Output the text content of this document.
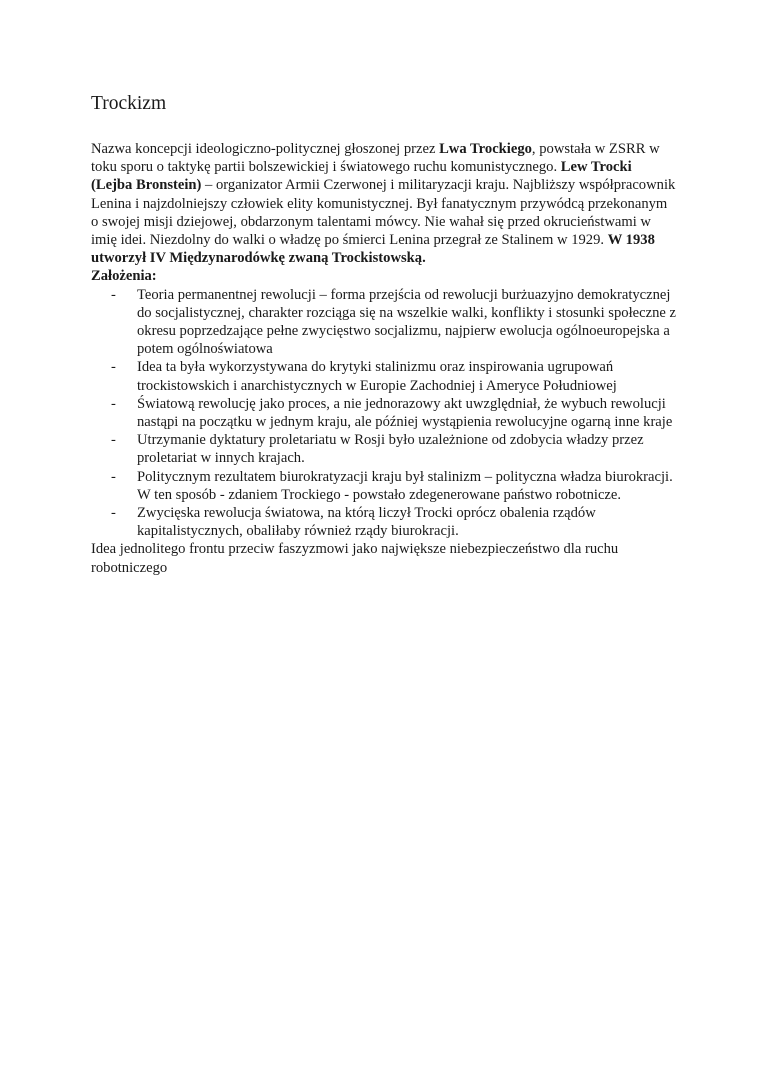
Trockizm

Nazwa koncepcji ideologiczno-politycznej głoszonej przez Lwa Trockiego, powstała w ZSRR w toku sporu o taktykę partii bolszewickiej i światowego ruchu komunistycznego. Lew Trocki (Lejba Bronstein) – organizator Armii Czerwonej i militaryzacji kraju. Najbliższy współpracownik Lenina i najzdolniejszy człowiek elity komunistycznej. Był fanatycznym przywódcą przekonanym o swojej misji dziejowej, obdarzonym talentami mówcy. Nie wahał się przed okrucieństwami w imię idei. Niezdolny do walki o władzę po śmierci Lenina przegrał ze Stalinem w 1929. W 1938 utworzył IV Międzynarodówkę zwaną Trockistowską.

Założenia:

- Teoria permanentnej rewolucji – forma przejścia od rewolucji burżuazyjno demokratycznej do socjalistycznej, charakter rozciąga się na wszelkie walki, konflikty i stosunki społeczne z okresu poprzedzające pełne zwycięstwo socjalizmu, najpierw ewolucja ogólnoeuropejska a potem ogólnoświatowa
- Idea ta była wykorzystywana do krytyki stalinizmu oraz inspirowania ugrupowań trockistowskich i anarchistycznych w Europie Zachodniej i Ameryce Południowej
- Światową rewolucję jako proces, a nie jednorazowy akt uwzględniał, że wybuch rewolucji nastąpi na początku w jednym kraju, ale później wystąpienia rewolucyjne ogarną inne kraje
- Utrzymanie dyktatury proletariatu w Rosji było uzależnione od zdobycia władzy przez proletariat w innych krajach.
- Politycznym rezultatem biurokratyzacji kraju był stalinizm – polityczna władza biurokracji. W ten sposób - zdaniem Trockiego - powstało zdegenerowane państwo robotnicze.
- Zwycięska rewolucja światowa, na którą liczył Trocki oprócz obalenia rządów kapitalistycznych, obaliłaby również rządy biurokracji.

Idea jednolitego frontu przeciw faszyzmowi jako największe niebezpieczeństwo dla ruchu robotniczego
